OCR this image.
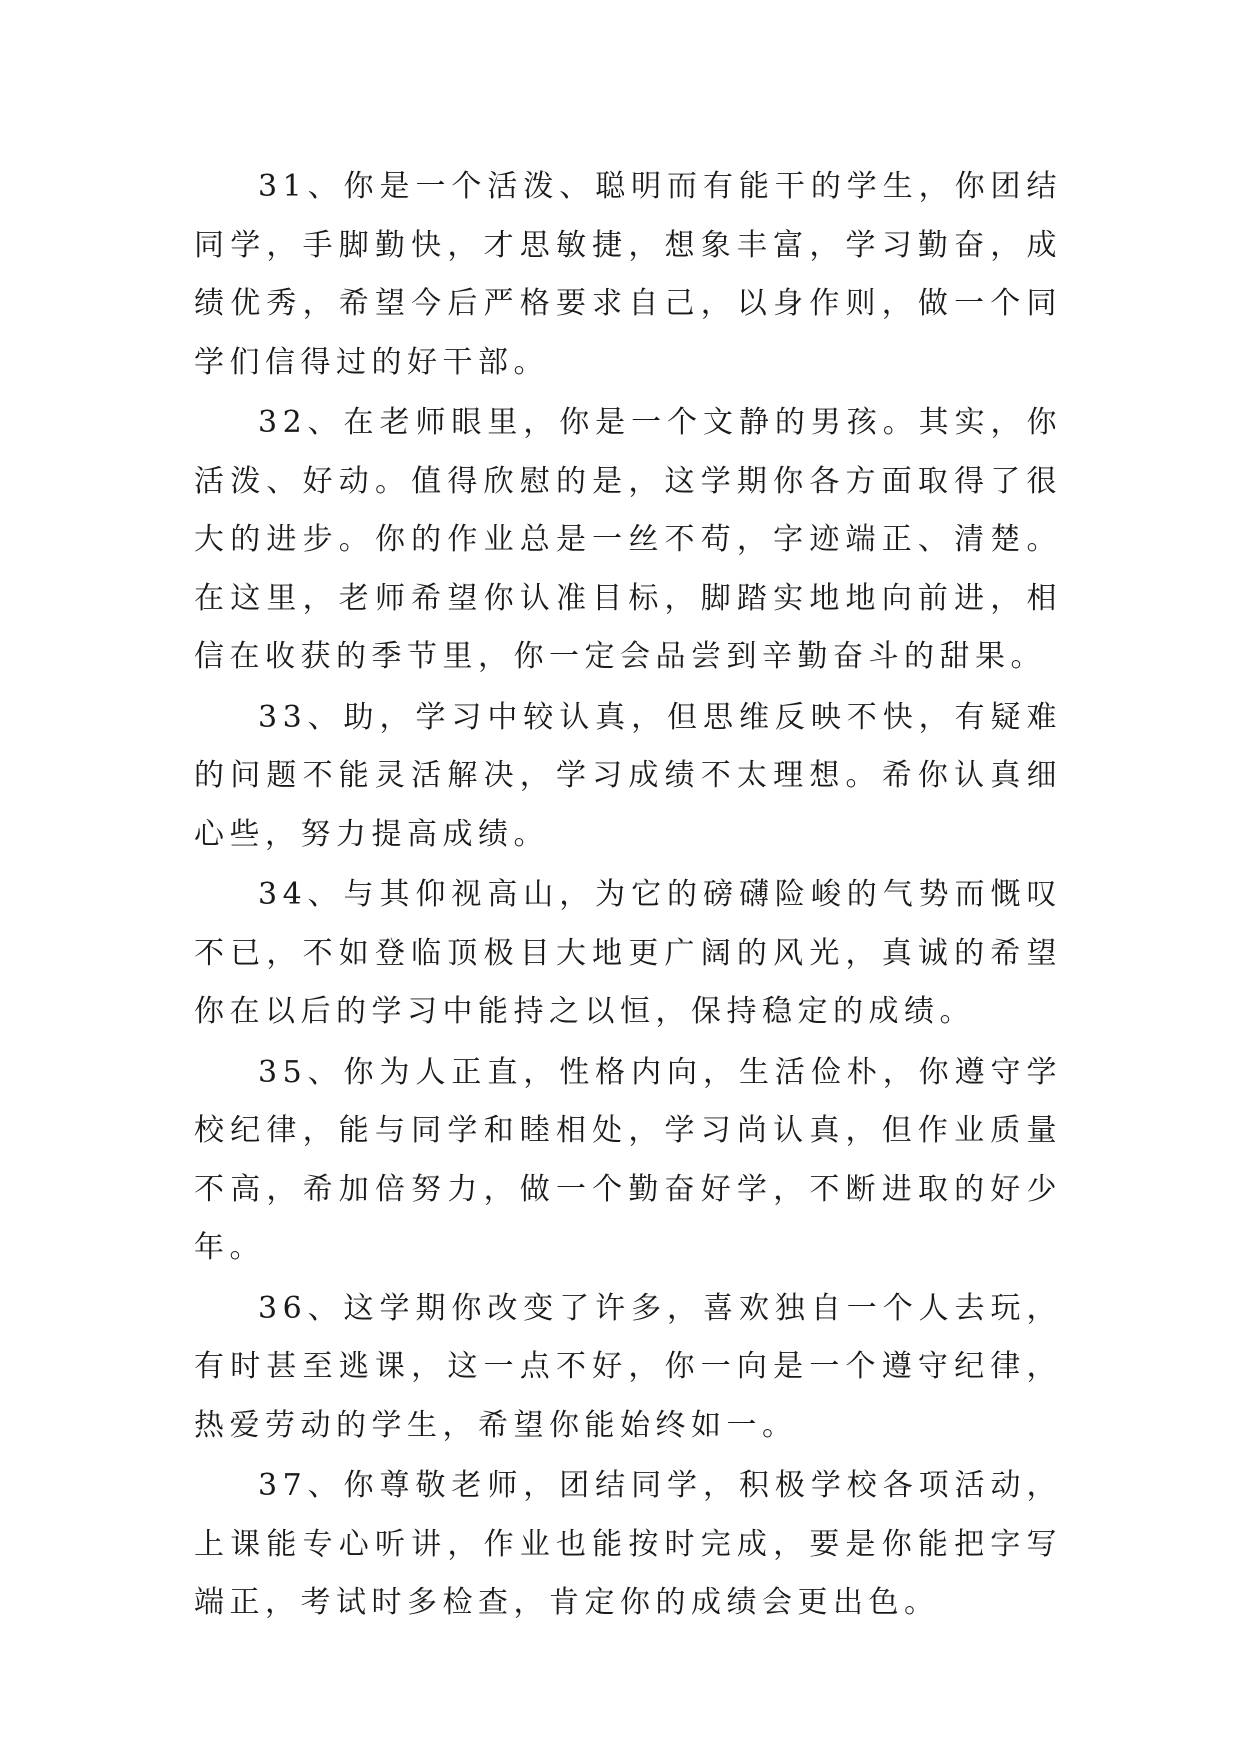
31、你是一个活泼、聪明而有能干的学生，你团结同学，手脚勤快，才思敏捷，想象丰富，学习勤奋，成绩优秀，希望今后严格要求自己，以身作则，做一个同学们信得过的好干部。

32、在老师眼里，你是一个文静的男孩。其实，你活泼、好动。值得欣慰的是，这学期你各方面取得了很大的进步。你的作业总是一丝不苟，字迹端正、清楚。在这里，老师希望你认准目标，脚踏实地地向前进，相信在收获的季节里，你一定会品尝到辛勤奋斗的甜果。

33、助，学习中较认真，但思维反映不快，有疑难的问题不能灵活解决，学习成绩不太理想。希你认真细心些，努力提高成绩。

34、与其仰视高山，为它的磅礴险峻的气势而慨叹不已，不如登临顶极目大地更广阔的风光，真诚的希望你在以后的学习中能持之以恒，保持稳定的成绩。

35、你为人正直，性格内向，生活俭朴，你遵守学校纪律，能与同学和睦相处，学习尚认真，但作业质量不高，希加倍努力，做一个勤奋好学，不断进取的好少年。

36、这学期你改变了许多，喜欢独自一个人去玩，有时甚至逃课，这一点不好，你一向是一个遵守纪律，热爱劳动的学生，希望你能始终如一。

37、你尊敬老师，团结同学，积极学校各项活动，上课能专心听讲，作业也能按时完成，要是你能把字写端正，考试时多检查，肯定你的成绩会更出色。
